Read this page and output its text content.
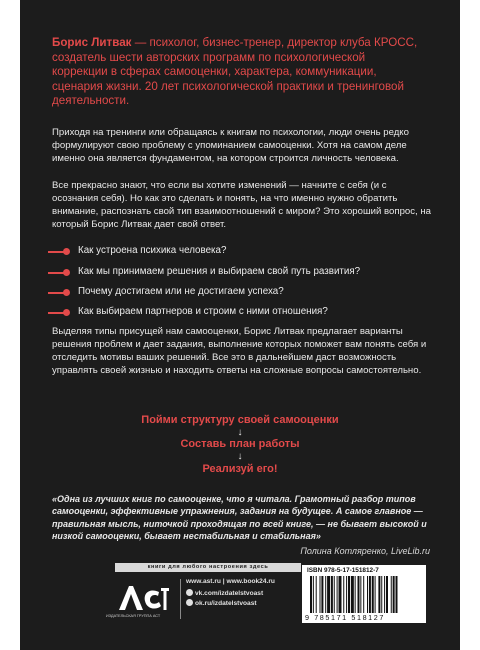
Борис Литвак — психолог, бизнес-тренер, директор клуба КРОСС, создатель шести авторских программ по психологической коррекции в сферах самооценки, характера, коммуникации, сценария жизни. 20 лет психологической практики и тренинговой деятельности.
Приходя на тренинги или обращаясь к книгам по психологии, люди очень редко формулируют свою проблему с упоминанием самооценки. Хотя на самом деле именно она является фундаментом, на котором строится личность человека.
Все прекрасно знают, что если вы хотите изменений — начните с себя (и с осознания себя). Но как это сделать и понять, на что именно нужно обратить внимание, распознать свой тип взаимоотношений с миром? Это хороший вопрос, на который Борис Литвак дает свой ответ.
Как устроена психика человека?
Как мы принимаем решения и выбираем свой путь развития?
Почему достигаем или не достигаем успеха?
Как выбираем партнеров и строим с ними отношения?
Выделяя типы присущей нам самооценки, Борис Литвак предлагает варианты решения проблем и дает задания, выполнение которых поможет вам понять себя и отследить мотивы ваших решений. Все это в дальнейшем даст возможность управлять своей жизнью и находить ответы на сложные вопросы самостоятельно.
Пойми структуру своей самооценки
↓
Составь план работы
↓
Реализуй его!
«Одна из лучших книг по самооценке, что я читала. Грамотный разбор типов самооценки, эффективные упражнения, задания на будущее. А самое главное — правильная мысль, ниточкой проходящая по всей книге, — не бывает высокой и низкой самооценки, бывает нестабильная и стабильная»
Полина Котляренко, LiveLib.ru
книги для любого настроения здесь
ИЗДАТЕЛЬСКАЯ ГРУППА АСТ
www.ast.ru | www.book24.ru
vk.com/izdatelstvoast
ok.ru/izdatelstvoast
ISBN 978-5-17-151812-7
9 785171 518127
